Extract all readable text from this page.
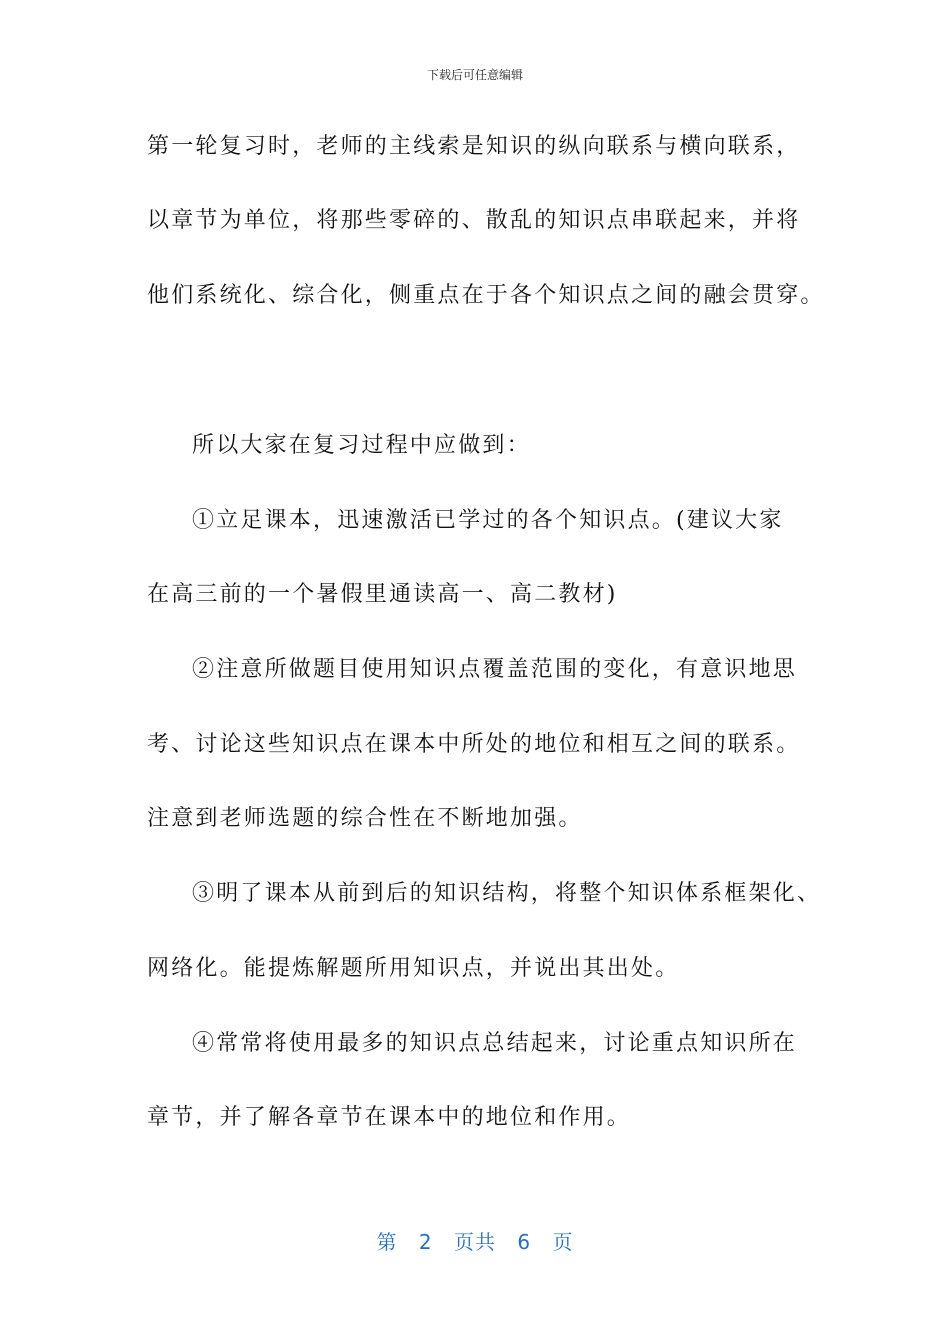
下载后可任意编辑
第一轮复习时，老师的主线索是知识的纵向联系与横向联系，
以章节为单位，将那些零碎的、散乱的知识点串联起来，并将
他们系统化、综合化，侧重点在于各个知识点之间的融会贯穿。
所以大家在复习过程中应做到：
①立足课本，迅速激活已学过的各个知识点。(建议大家
在高三前的一个暑假里通读高一、高二教材)
②注意所做题目使用知识点覆盖范围的变化，有意识地思
考、讨论这些知识点在课本中所处的地位和相互之间的联系。
注意到老师选题的综合性在不断地加强。
③明了课本从前到后的知识结构，将整个知识体系框架化、
网络化。能提炼解题所用知识点，并说出其出处。
④常常将使用最多的知识点总结起来，讨论重点知识所在
章节，并了解各章节在课本中的地位和作用。
第 2 页共 6 页
